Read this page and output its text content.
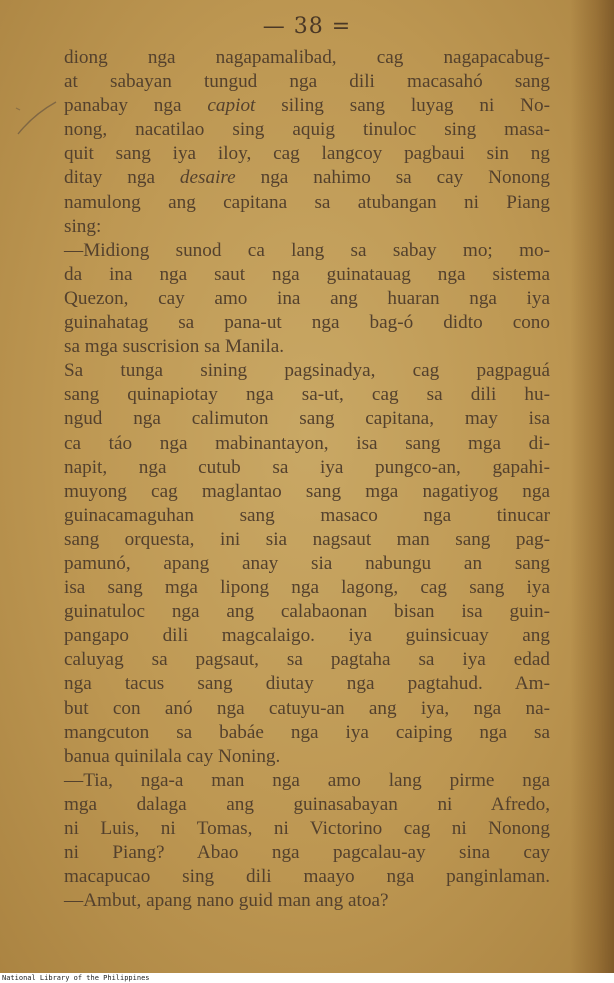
— 38 =
diong nga nagapamalibad, cag nagapacabug-
at sabayan tungud nga dili macasahó sang
panabay nga capiot siling sang luyag ni No-
nong, nacatilao sing aquig tinuloc sing masa-
quit sang iya iloy, cag langcoy pagbaui sin ng
ditay nga desaire nga nahimo sa cay Nonong
namulong ang capitana sa atubangan ni Piang
sing:
—Midiong sunod ca lang sa sabay mo; mo-
da ina nga saut nga guinatauag nga sistema
Quezon, cay amo ina ang huaran nga iya
guinahatag sa pana-ut nga bag-ó didto cono
sa mga suscrision sa Manila.
Sa tunga sining pagsinadya, cag pagpaguá
sang quinapiotay nga sa-ut, cag sa dili hu-
ngud nga calimuton sang capitana, may isa
ca táo nga mabinantayon, isa sang mga di-
napit, nga cutub sa iya pungco-an, gapahi-
muyong cag maglantao sang mga nagatiyog nga
guinacamaguhan sang masaco nga tinucar
sang orquesta, ini sia nagsaut man sang pag-
pamunó, apang anay sia nabungu an sang
isa sang mga lipong nga lagong, cag sang iya
guinatuloc nga ang calabaonan bisan isa guin-
pangapo dili magcalaigo. iya guinsicuay ang
caluyag sa pagsaut, sa pagtaha sa iya edad
nga tacus sang diutay nga pagtahud. Am-
but con anó nga catuyu-an ang iya, nga na-
mangcuton sa babáe nga iya caiping nga sa
banua quinilala cay Noning.
—Tia, nga-a man nga amo lang pirme nga
mga dalaga ang guinasabayan ni Afredo,
ni Luis, ni Tomas, ni Victorino cag ni Nonong
ni Piang? Abao nga pagcalau-ay sina cay
macapucao sing dili maayo nga panginlaman.
—Ambut, apang nano guid man ang atoa?
National Library of the Philippines
